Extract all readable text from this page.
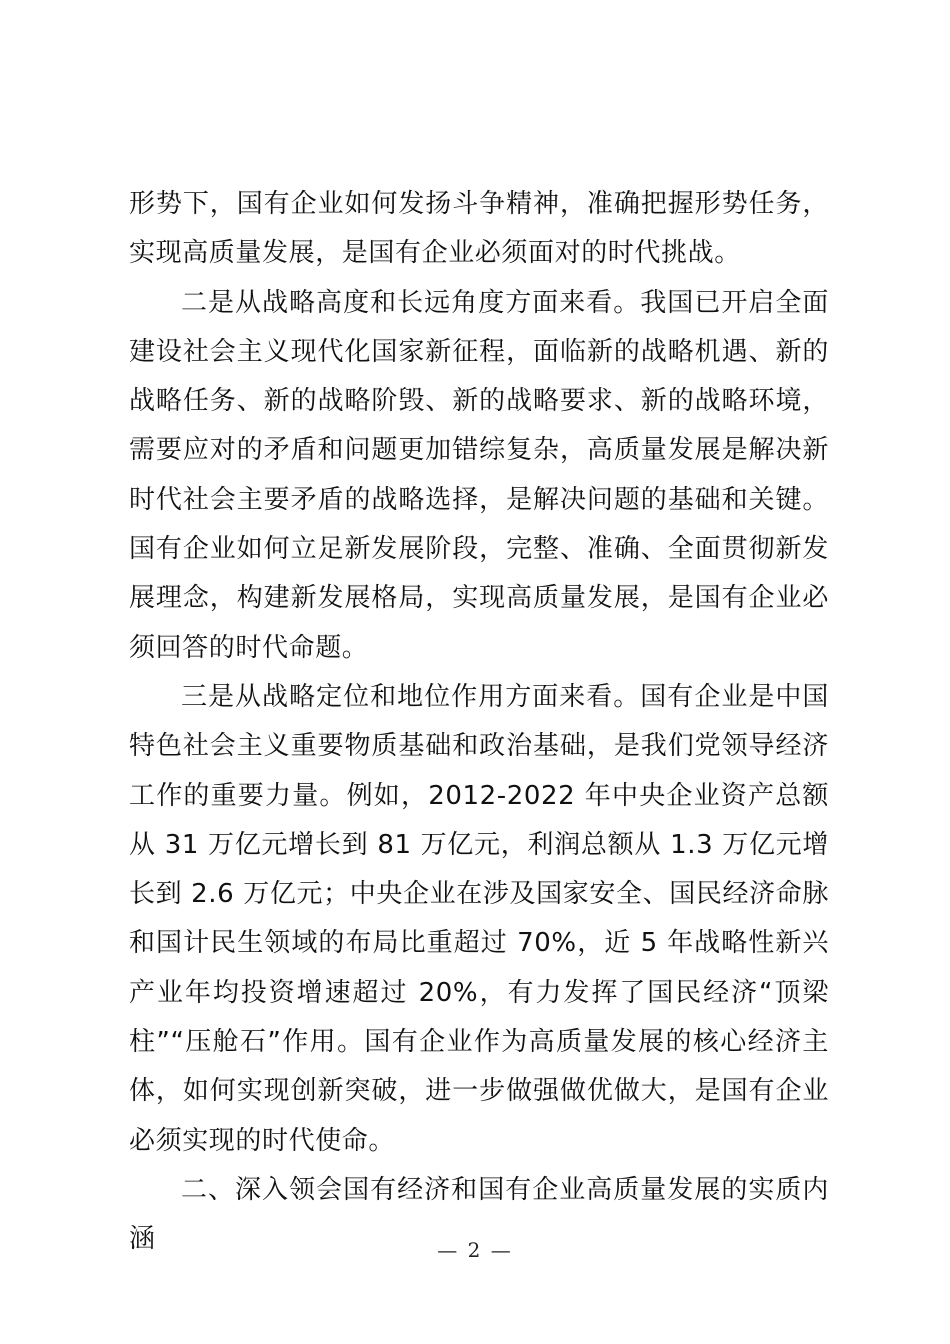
形势下，国有企业如何发扬斗争精神，准确把握形势任务，实现高质量发展，是国有企业必须面对的时代挑战。

二是从战略高度和长远角度方面来看。我国已开启全面建设社会主义现代化国家新征程，面临新的战略机遇、新的战略任务、新的战略阶毁、新的战略要求、新的战略环境，需要应对的矛盾和问题更加错综复杂，高质量发展是解决新时代社会主要矛盾的战略选择，是解决问题的基础和关键。国有企业如何立足新发展阶段，完整、准确、全面贯彻新发展理念，构建新发展格局，实现高质量发展，是国有企业必须回答的时代命题。

三是从战略定位和地位作用方面来看。国有企业是中国特色社会主义重要物质基础和政治基础，是我们党领导经济工作的重要力量。例如，2012-2022 年中央企业资产总额从 31 万亿元增长到 81 万亿元，利润总额从 1.3 万亿元增长到 2.6 万亿元；中央企业在涉及国家安全、国民经济命脉和国计民生领域的布局比重超过 70%，近 5 年战略性新兴产业年均投资增速超过 20%，有力发挥了国民经济“顶梁柱”“压舱石”作用。国有企业作为高质量发展的核心经济主体，如何实现创新突破，进一步做强做优做大，是国有企业必须实现的时代使命。

二、深入领会国有经济和国有企业高质量发展的实质内涵	— 2 —
